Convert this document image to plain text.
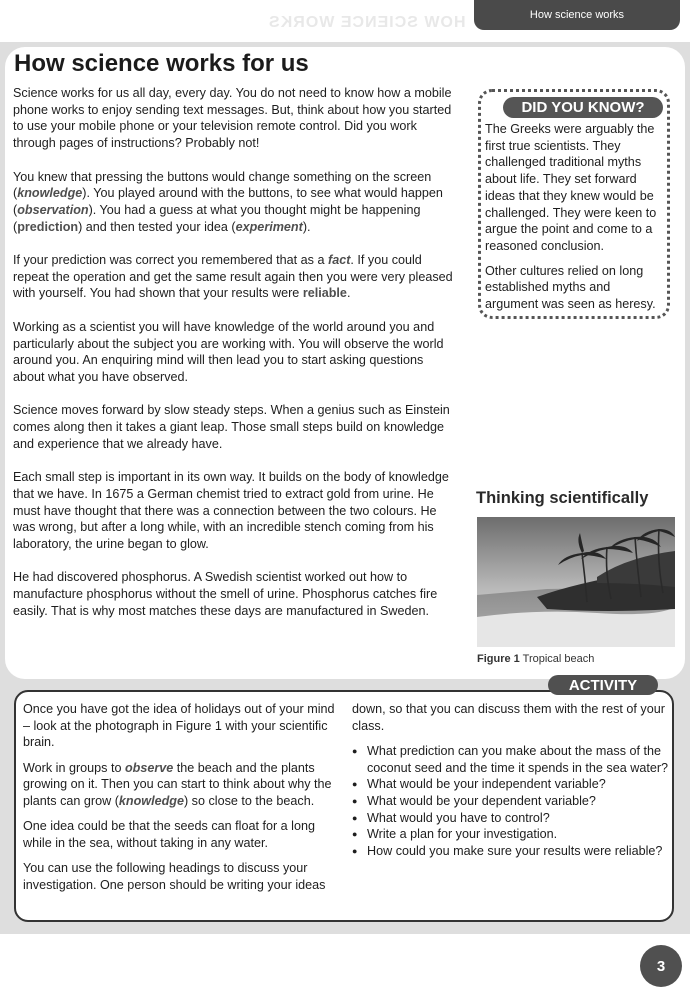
HOW SCIENCE WORKS	How science works
How science works for us

Science works for us all day, every day. You do not need to know how a mobile phone works to enjoy sending text messages. But, think about how you started to use your mobile phone or your television remote control. Did you work through pages of instructions? Probably not!

You knew that pressing the buttons would change something on the screen (knowledge). You played around with the buttons, to see what would happen (observation). You had a guess at what you thought might be happening (prediction) and then tested your idea (experiment).

If your prediction was correct you remembered that as a fact. If you could repeat the operation and get the same result again then you were very pleased with yourself. You had shown that your results were reliable.

Working as a scientist you will have knowledge of the world around you and particularly about the subject you are working with. You will observe the world around you. An enquiring mind will then lead you to start asking questions about what you have observed.

Science moves forward by slow steady steps. When a genius such as Einstein comes along then it takes a giant leap. Those small steps build on knowledge and experience that we already have.

Each small step is important in its own way. It builds on the body of knowledge that we have. In 1675 a German chemist tried to extract gold from urine. He must have thought that there was a connection between the two colours. He was wrong, but after a long while, with an incredible stench coming from his laboratory, the urine began to glow.

He had discovered phosphorus. A Swedish scientist worked out how to manufacture phosphorus without the smell of urine. Phosphorus catches fire easily. That is why most matches these days are manufactured in Sweden.

DID YOU KNOW?

The Greeks were arguably the first true scientists. They challenged traditional myths about life. They set forward ideas that they knew would be challenged. They were keen to argue the point and come to a reasoned conclusion.

Other cultures relied on long established myths and argument was seen as heresy.

Thinking scientifically
Figure 1 Tropical beach
ACTIVITY

Once you have got the idea of holidays out of your mind – look at the photograph in Figure 1 with your scientific brain.

Work in groups to observe the beach and the plants growing on it. Then you can start to think about why the plants can grow (knowledge) so close to the beach.

One idea could be that the seeds can float for a long while in the sea, without taking in any water.

You can use the following headings to discuss your investigation. One person should be writing your ideas

down, so that you can discuss them with the rest of your class.

● What prediction can you make about the mass of the coconut seed and the time it spends in the sea water?
● What would be your independent variable?
● What would be your dependent variable?
● What would you have to control?
● Write a plan for your investigation.
● How could you make sure your results were reliable?
3
